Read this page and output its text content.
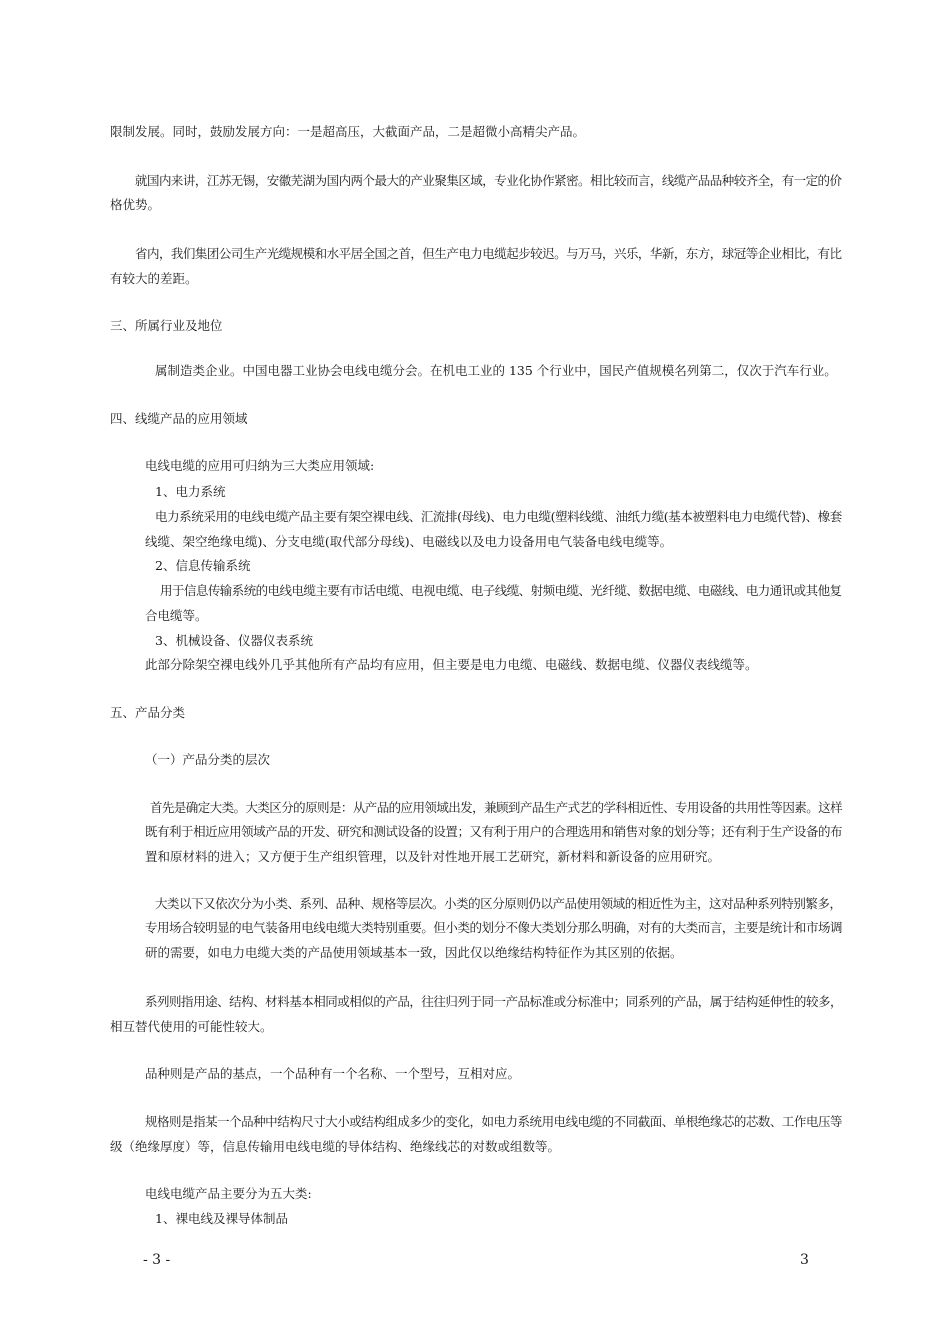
限制发展。同时，鼓励发展方向：一是超高压，大截面产品，二是超微小高精尖产品。

就国内来讲，江苏无锡，安徽芜湖为国内两个最大的产业聚集区域，专业化协作紧密。相比较而言，线缆产品品种较齐全，有一定的价

格优势。

省内，我们集团公司生产光缆规模和水平居全国之首，但生产电力电缆起步较迟。与万马，兴乐，华新，东方，球冠等企业相比，有比

有较大的差距。

三、所属行业及地位

属制造类企业。中国电器工业协会电线电缆分会。在机电工业的 135 个行业中，国民产值规模名列第二，仅次于汽车行业。

四、线缆产品的应用领域

电线电缆的应用可归纳为三大类应用领域:

1、电力系统

电力系统采用的电线电缆产品主要有架空裸电线、汇流排(母线)、电力电缆(塑料线缆、油纸力缆(基本被塑料电力电缆代替)、橡套

线缆、架空绝缘电缆)、分支电缆(取代部分母线)、电磁线以及电力设备用电气装备电线电缆等。

2、信息传输系统

用于信息传输系统的电线电缆主要有市话电缆、电视电缆、电子线缆、射频电缆、光纤缆、数据电缆、电磁线、电力通讯或其他复

合电缆等。

3、机械设备、仪器仪表系统

此部分除架空裸电线外几乎其他所有产品均有应用，但主要是电力电缆、电磁线、数据电缆、仪器仪表线缆等。

五、产品分类

（一）产品分类的层次

首先是确定大类。大类区分的原则是：从产品的应用领域出发，兼顾到产品生产式艺的学科相近性、专用设备的共用性等因素。这样

既有利于相近应用领域产品的开发、研究和测试设备的设置；又有利于用户的合理选用和销售对象的划分等；还有利于生产设备的布

置和原材料的进入；又方便于生产组织管理，以及针对性地开展工艺研究，新材料和新设备的应用研究。

大类以下又依次分为小类、系列、品种、规格等层次。小类的区分原则仍以产品使用领域的相近性为主，这对品种系列特别繁多，

专用场合较明显的电气装备用电线电缆大类特别重要。但小类的划分不像大类划分那么明确，对有的大类而言，主要是统计和市场调

研的需要，如电力电缆大类的产品使用领域基本一致，因此仅以绝缘结构特征作为其区别的依据。

系列则指用途、结构、材料基本相同或相似的产品，往往归列于同一产品标准或分标准中；同系列的产品，属于结构延伸性的较多，

相互替代使用的可能性较大。

品种则是产品的基点，一个品种有一个名称、一个型号，互相对应。

规格则是指某一个品种中结构尺寸大小或结构组成多少的变化，如电力系统用电线电缆的不同截面、单根绝缘芯的芯数、工作电压等

级（绝缘厚度）等，信息传输用电线电缆的导体结构、绝缘线芯的对数或组数等。

电线电缆产品主要分为五大类:

1、裸电线及裸导体制品

- 3 -	3
